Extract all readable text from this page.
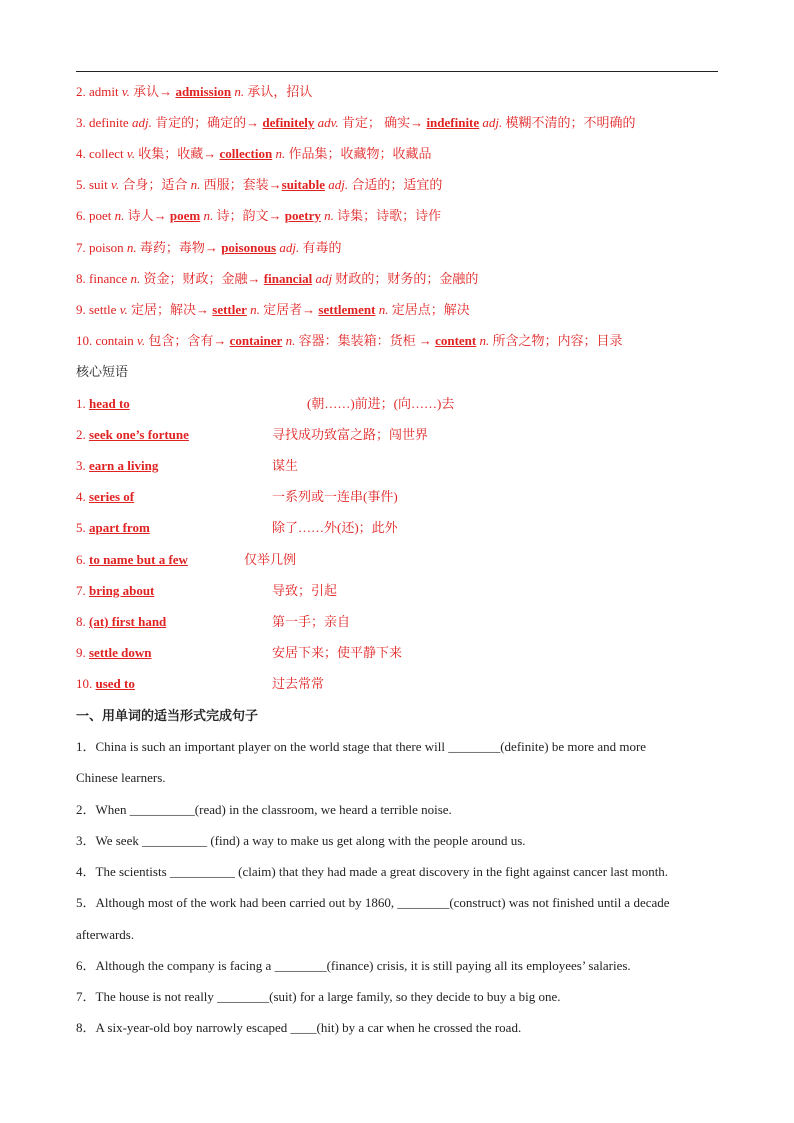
2. admit v. 承认→ admission n. 承认，招认
3. definite adj. 肯定的；确定的→ definitely adv. 肯定； 确实→ indefinite adj. 模糊不清的；不明确的
4. collect v. 收集；收藏→ collection n. 作品集；收藏物；收藏品
5. suit v. 合身；适合 n. 西服；套装→suitable adj. 合适的；适宜的
6. poet n. 诗人→ poem n. 诗；韵文→ poetry n. 诗集；诗歌；诗作
7. poison n. 毒药；毒物→ poisonous adj. 有毒的
8. finance n. 资金；财政；金融→ financial adj 财政的；财务的；金融的
9. settle v. 定居；解决→ settler n. 定居者→ settlement n. 定居点；解决
10. contain v. 包含；含有→ container n. 容器：集装箱：货柜 → content n. 所含之物；内容；目录
核心短语
1. head to	(朝……)前进；(向……)去
2. seek one’s fortune	寻找成功致富之路；闯世界
3. earn a living	谋生
4. series of	一系列或一连串(事件)
5. apart from	除了……外(还)；此外
6. to name but a few	仅举几例
7. bring about	导致；引起
8. (at) first hand	第一手；亲自
9. settle down	安居下来；使平静下来
10. used to	过去常常
一、用单词的适当形式完成句子
1．China is such an important player on the world stage that there will ________(definite) be more and more
Chinese learners.
2．When __________(read) in the classroom, we heard a terrible noise.
3．We seek __________ (find) a way to make us get along with the people around us.
4．The scientists __________ (claim) that they had made a great discovery in the fight against cancer last month.
5．Although most of the work had been carried out by 1860, ________(construct) was not finished until a decade
afterwards.
6．Although the company is facing a ________(finance) crisis, it is still paying all its employees’ salaries.
7．The house is not really ________(suit) for a large family, so they decide to buy a big one.
8．A six-year-old boy narrowly escaped ____(hit) by a car when he crossed the road.
